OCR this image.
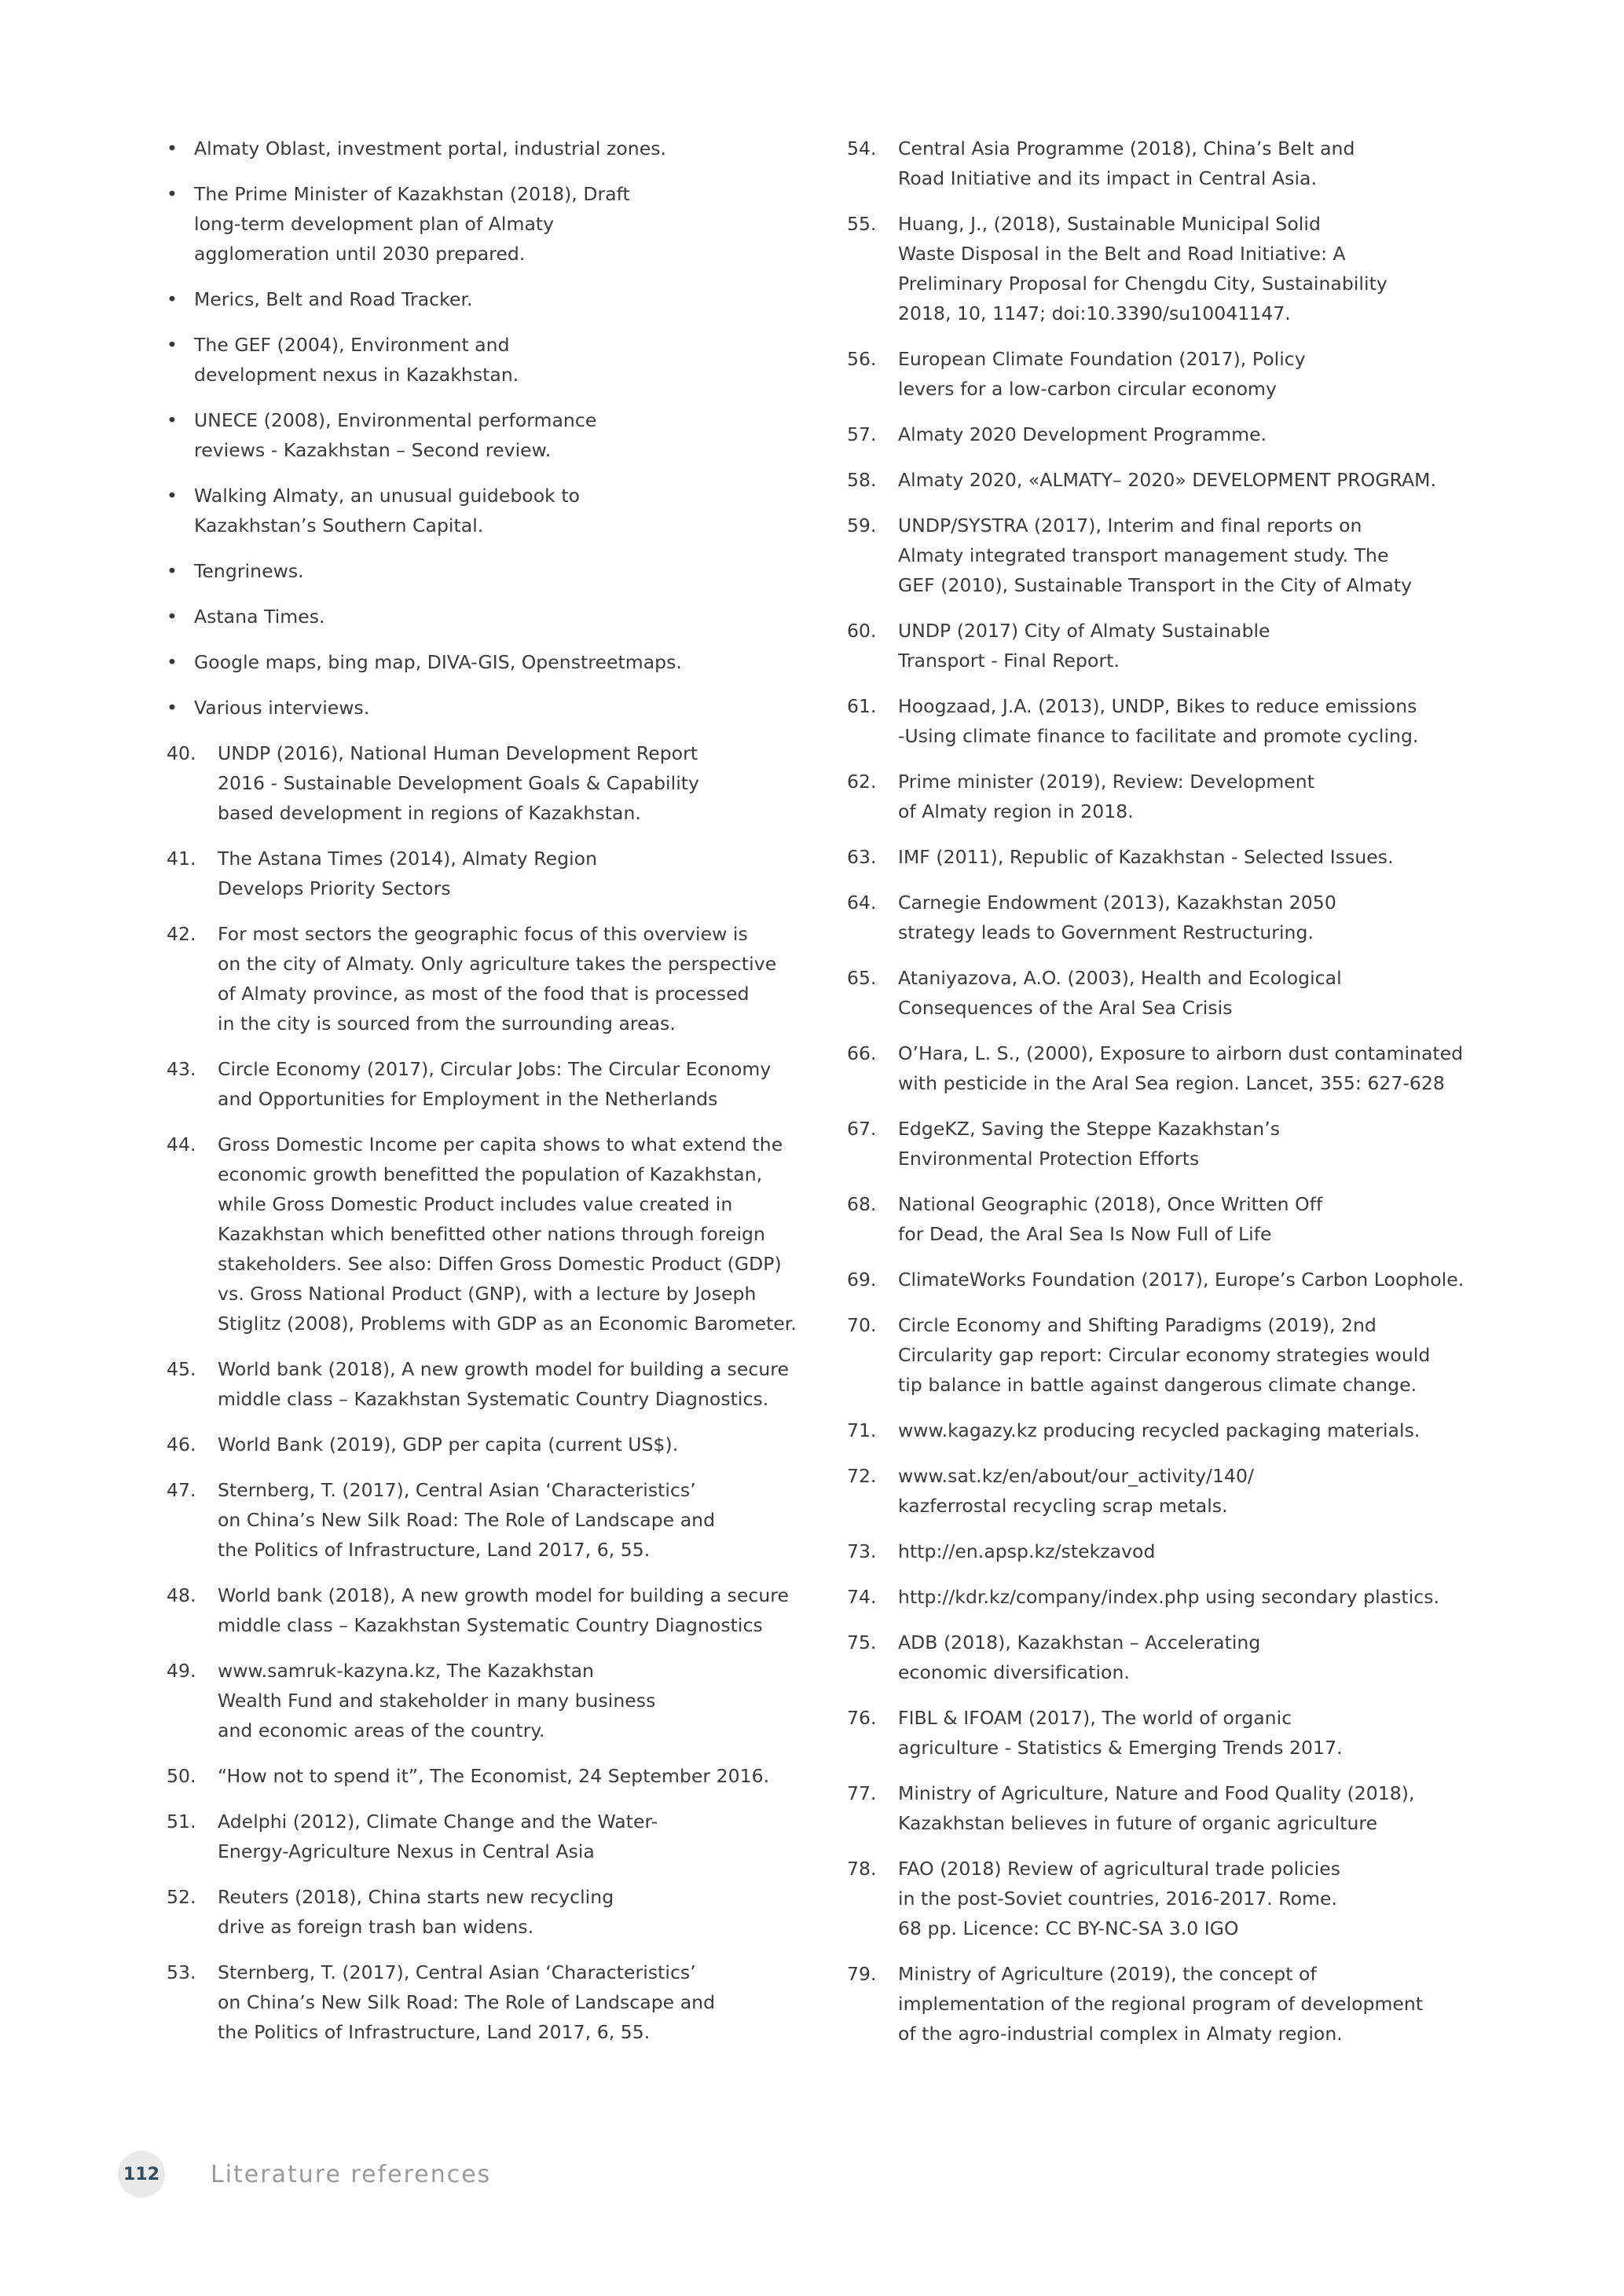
• Almaty Oblast, investment portal, industrial zones.
• The Prime Minister of Kazakhstan (2018), Draft
long-term development plan of Almaty
agglomeration until 2030 prepared.
• Merics, Belt and Road Tracker.
• The GEF (2004), Environment and
development nexus in Kazakhstan.
• UNECE (2008), Environmental performance
reviews - Kazakhstan – Second review.
• Walking Almaty, an unusual guidebook to
Kazakhstan’s Southern Capital.
• Tengrinews.
• Astana Times.
• Google maps, bing map, DIVA-GIS, Openstreetmaps.
• Various interviews.
40. UNDP (2016), National Human Development Report
2016 - Sustainable Development Goals & Capability
based development in regions of Kazakhstan.
41. The Astana Times (2014), Almaty Region
Develops Priority Sectors
42. For most sectors the geographic focus of this overview is
on the city of Almaty. Only agriculture takes the perspective
of Almaty province, as most of the food that is processed
in the city is sourced from the surrounding areas.
43. Circle Economy (2017), Circular Jobs: The Circular Economy
and Opportunities for Employment in the Netherlands
44. Gross Domestic Income per capita shows to what extend the
economic growth benefitted the population of Kazakhstan,
while Gross Domestic Product includes value created in
Kazakhstan which benefitted other nations through foreign
stakeholders. See also: Diffen Gross Domestic Product (GDP)
vs. Gross National Product (GNP), with a lecture by Joseph
Stiglitz (2008), Problems with GDP as an Economic Barometer.
45. World bank (2018), A new growth model for building a secure
middle class – Kazakhstan Systematic Country Diagnostics.
46. World Bank (2019), GDP per capita (current US$).
47. Sternberg, T. (2017), Central Asian ‘Characteristics’
on China’s New Silk Road: The Role of Landscape and
the Politics of Infrastructure, Land 2017, 6, 55.
48. World bank (2018), A new growth model for building a secure
middle class – Kazakhstan Systematic Country Diagnostics
49. www.samruk-kazyna.kz, The Kazakhstan
Wealth Fund and stakeholder in many business
and economic areas of the country.
50. “How not to spend it”, The Economist, 24 September 2016.
51. Adelphi (2012), Climate Change and the Water-
Energy-Agriculture Nexus in Central Asia
52. Reuters (2018), China starts new recycling
drive as foreign trash ban widens.
53. Sternberg, T. (2017), Central Asian ‘Characteristics’
on China’s New Silk Road: The Role of Landscape and
the Politics of Infrastructure, Land 2017, 6, 55.
54. Central Asia Programme (2018), China’s Belt and
Road Initiative and its impact in Central Asia.
55. Huang, J., (2018), Sustainable Municipal Solid
Waste Disposal in the Belt and Road Initiative: A
Preliminary Proposal for Chengdu City, Sustainability
2018, 10, 1147; doi:10.3390/su10041147.
56. European Climate Foundation (2017), Policy
levers for a low-carbon circular economy
57. Almaty 2020 Development Programme.
58. Almaty 2020, «ALMATY– 2020» DEVELOPMENT PROGRAM.
59. UNDP/SYSTRA (2017), Interim and final reports on
Almaty integrated transport management study. The
GEF (2010), Sustainable Transport in the City of Almaty
60. UNDP (2017) City of Almaty Sustainable
Transport - Final Report.
61. Hoogzaad, J.A. (2013), UNDP, Bikes to reduce emissions
-Using climate finance to facilitate and promote cycling.
62. Prime minister (2019), Review: Development
of Almaty region in 2018.
63. IMF (2011), Republic of Kazakhstan - Selected Issues.
64. Carnegie Endowment (2013), Kazakhstan 2050
strategy leads to Government Restructuring.
65. Ataniyazova, A.O. (2003), Health and Ecological
Consequences of the Aral Sea Crisis
66. O’Hara, L. S., (2000), Exposure to airborn dust contaminated
with pesticide in the Aral Sea region. Lancet, 355: 627-628
67. EdgeKZ, Saving the Steppe Kazakhstan’s
Environmental Protection Efforts
68. National Geographic (2018), Once Written Off
for Dead, the Aral Sea Is Now Full of Life
69. ClimateWorks Foundation (2017), Europe’s Carbon Loophole.
70. Circle Economy and Shifting Paradigms (2019), 2nd
Circularity gap report: Circular economy strategies would
tip balance in battle against dangerous climate change.
71. www.kagazy.kz producing recycled packaging materials.
72. www.sat.kz/en/about/our_activity/140/
kazferrostal recycling scrap metals.
73. http://en.apsp.kz/stekzavod
74. http://kdr.kz/company/index.php using secondary plastics.
75. ADB (2018), Kazakhstan – Accelerating
economic diversification.
76. FIBL & IFOAM (2017), The world of organic
agriculture - Statistics & Emerging Trends 2017.
77. Ministry of Agriculture, Nature and Food Quality (2018),
Kazakhstan believes in future of organic agriculture
78. FAO (2018) Review of agricultural trade policies
in the post-Soviet countries, 2016-2017. Rome.
68 pp. Licence: CC BY-NC-SA 3.0 IGO
79. Ministry of Agriculture (2019), the concept of
implementation of the regional program of development
of the agro-industrial complex in Almaty region.
112 Literature references
